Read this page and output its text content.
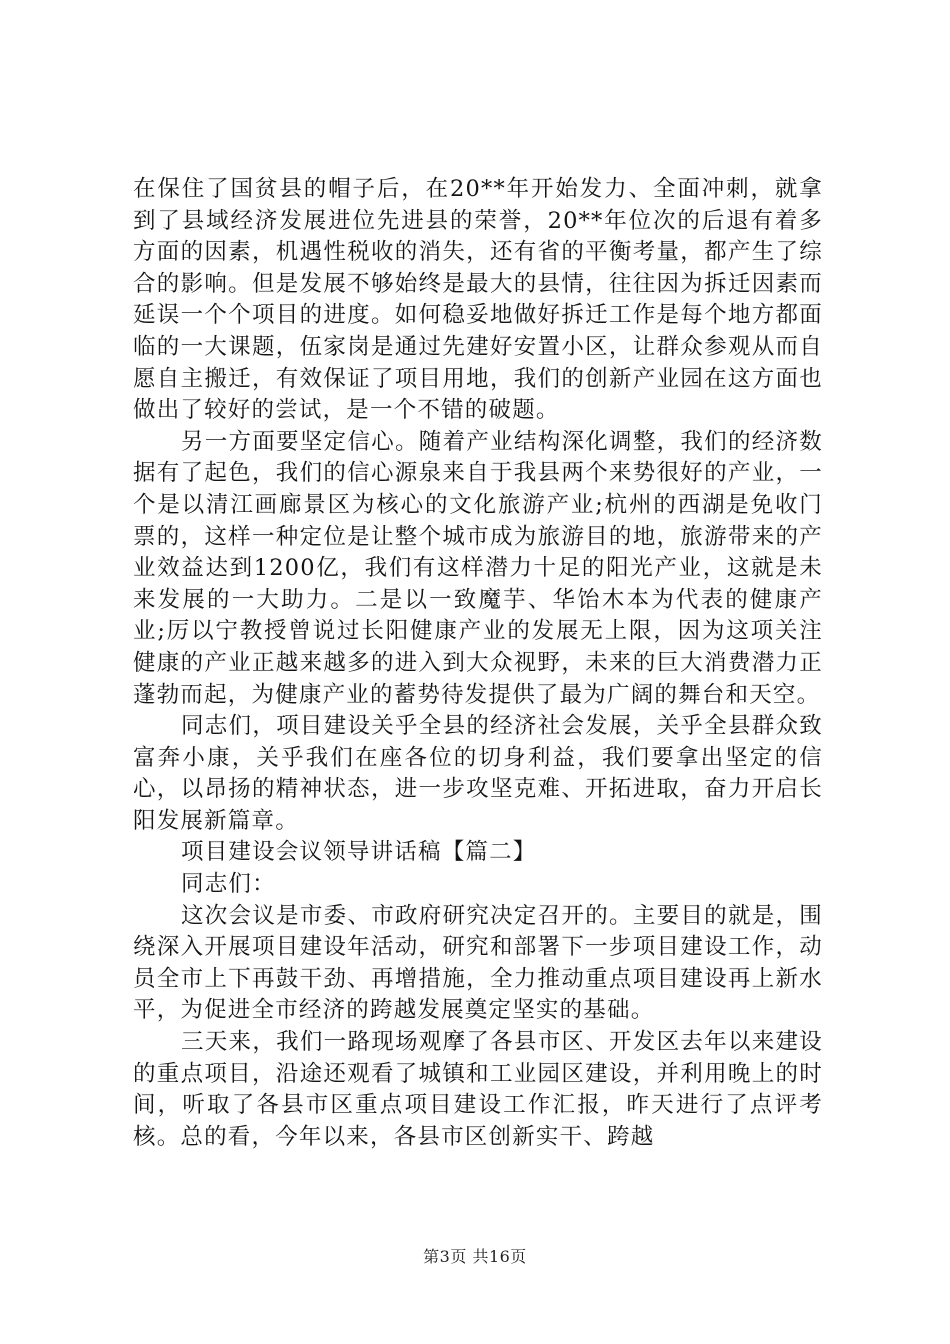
在保住了国贫县的帽子后，在20**年开始发力、全面冲刺，就拿到了县域经济发展进位先进县的荣誉，20**年位次的后退有着多方面的因素，机遇性税收的消失，还有省的平衡考量，都产生了综合的影响。但是发展不够始终是最大的县情，往往因为拆迁因素而延误一个个项目的进度。如何稳妥地做好拆迁工作是每个地方都面临的一大课题，伍家岗是通过先建好安置小区，让群众参观从而自愿自主搬迁，有效保证了项目用地，我们的创新产业园在这方面也做出了较好的尝试，是一个不错的破题。

另一方面要坚定信心。随着产业结构深化调整，我们的经济数据有了起色，我们的信心源泉来自于我县两个来势很好的产业，一个是以清江画廊景区为核心的文化旅游产业;杭州的西湖是免收门票的，这样一种定位是让整个城市成为旅游目的地，旅游带来的产业效益达到1200亿，我们有这样潜力十足的阳光产业，这就是未来发展的一大助力。二是以一致魔芋、华饴木本为代表的健康产业;厉以宁教授曾说过长阳健康产业的发展无上限，因为这项关注健康的产业正越来越多的进入到大众视野，未来的巨大消费潜力正蓬勃而起，为健康产业的蓄势待发提供了最为广阔的舞台和天空。

同志们，项目建设关乎全县的经济社会发展，关乎全县群众致富奔小康，关乎我们在座各位的切身利益，我们要拿出坚定的信心，以昂扬的精神状态，进一步攻坚克难、开拓进取，奋力开启长阳发展新篇章。

项目建设会议领导讲话稿【篇二】

同志们：

这次会议是市委、市政府研究决定召开的。主要目的就是，围绕深入开展项目建设年活动，研究和部署下一步项目建设工作，动员全市上下再鼓干劲、再增措施，全力推动重点项目建设再上新水平，为促进全市经济的跨越发展奠定坚实的基础。

三天来，我们一路现场观摩了各县市区、开发区去年以来建设的重点项目，沿途还观看了城镇和工业园区建设，并利用晚上的时间，听取了各县市区重点项目建设工作汇报，昨天进行了点评考核。总的看，今年以来，各县市区创新实干、跨越

第3页 共16页
